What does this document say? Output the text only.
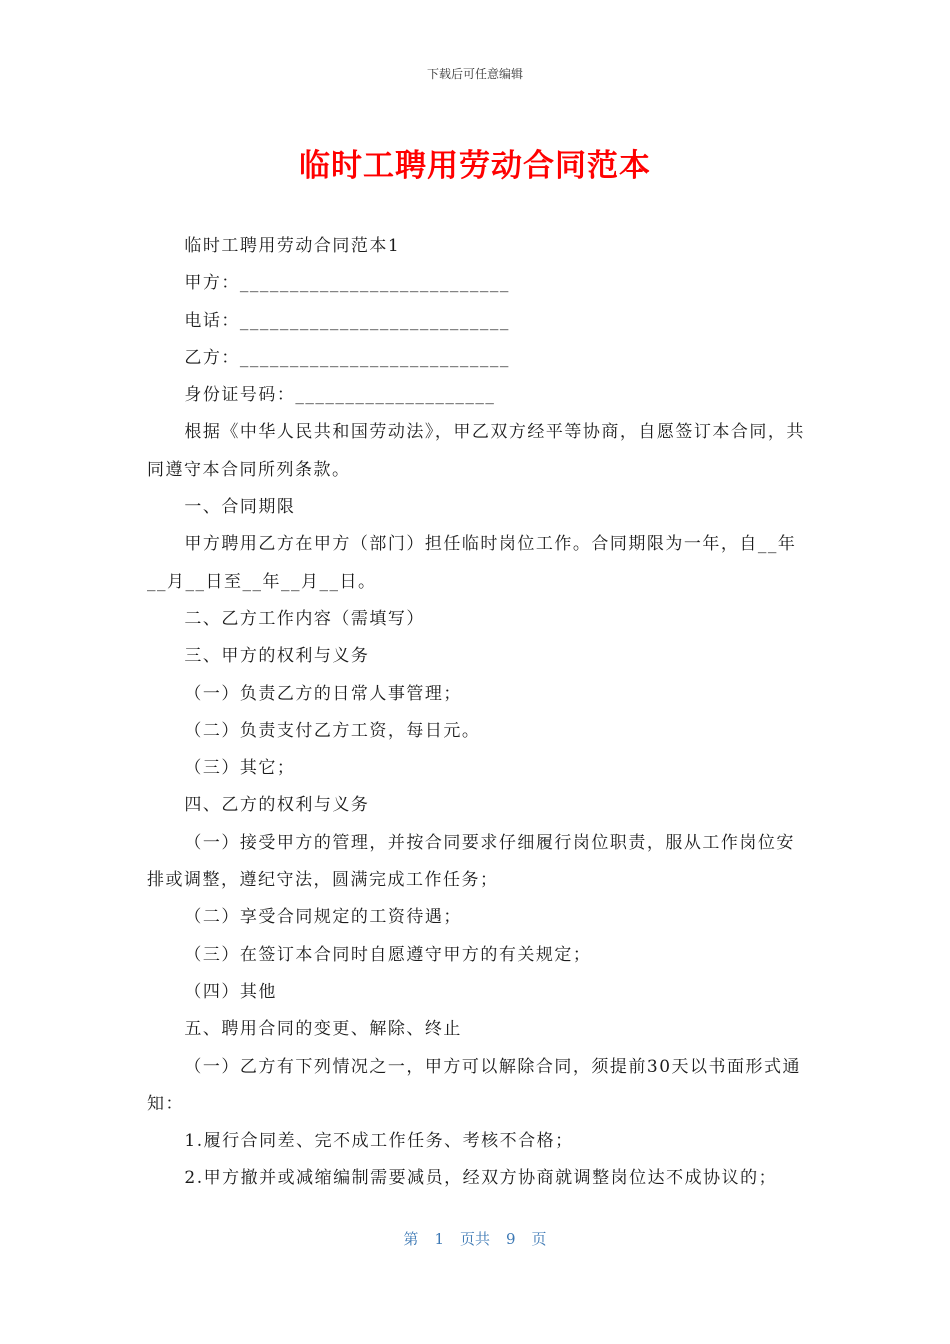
下载后可任意编辑
临时工聘用劳动合同范本

临时工聘用劳动合同范本1

甲方：___________________________

电话：___________________________

乙方：___________________________

身份证号码：____________________

根据《中华人民共和国劳动法》，甲乙双方经平等协商，自愿签订本合同，共同遵守本合同所列条款。

一、合同期限

甲方聘用乙方在甲方（部门）担任临时岗位工作。合同期限为一年，自__年__月__日至__年__月__日。

二、乙方工作内容（需填写）

三、甲方的权利与义务

（一）负责乙方的日常人事管理；

（二）负责支付乙方工资，每日元。

（三）其它；

四、乙方的权利与义务

（一）接受甲方的管理，并按合同要求仔细履行岗位职责，服从工作岗位安排或调整，遵纪守法，圆满完成工作任务；

（二）享受合同规定的工资待遇；

（三）在签订本合同时自愿遵守甲方的有关规定；

（四）其他

五、聘用合同的变更、解除、终止

（一）乙方有下列情况之一，甲方可以解除合同，须提前30天以书面形式通知：

1.履行合同差、完不成工作任务、考核不合格；

2.甲方撤并或减缩编制需要减员，经双方协商就调整岗位达不成协议的；

第 1 页共 9 页
